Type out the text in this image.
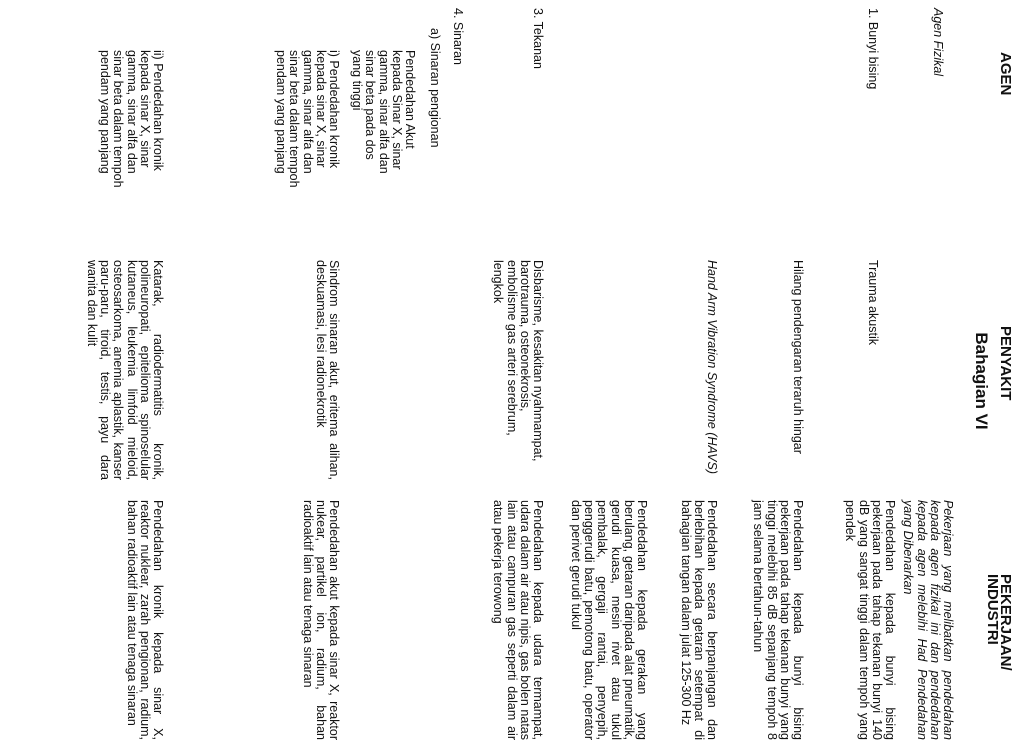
AGEN
PENYAKIT
PEKERJAAN/ INDUSTRI
Bahagian VI
Agen Fizikal
Pekerjaan yang melibatkan pendedahan kepada agen fizikal ini dan pendedahan kepada agen melebihi Had Pendedahan yang Dibenarkan
1. Bunyi bising
Trauma akustik
Pendedahan kepada bunyi bising pekerjaan pada tahap tekanan bunyi 140 dB yang sangat tinggi dalam tempoh yang pendek
Hilang pendengaran teraruh hingar
Pendedahan kepada bunyi bising pekerjaan pada tahap tekanan bunyi yang tinggi melebihi 85 dB sepanjang tempoh 8 jam selama bertahun-tahun
Hand Arm Vibration Syndrome (HAVS)
Pendedahan secara berpanjangan dan berlebihan kepada getaran setempat di bahagian tangan dalam julat 125-300 Hz
Pendedahan kepada gerakan yang berulang, getaran daripada alat pneumatik, gerudi kuasa, mesin rivet atau tukul pembalak, gergaji rantai, penyepih, penggerudi batu, pemotong batu, operator dan perivet gerudi tukul
3. Tekanan
Disbarisme, kesakitan nyahmampat, barotrauma, osteonekrosis, embolisme gas arteri serebrum, lengkok
Pendedahan kepada udara termampat, udara dalam air atau nipis, gas bolen natas lain atau campuran gas seperti dalam air atau pekerja terowong
4. Sinaran
a) Sinaran pengionan
Pendedahan Akut kepada Sinar X, sinar gamma, sinar alfa dan sinar beta pada dos yang tinggi
i) Pendedahan kronik kepada sinar X, sinar gamma, sinar alfa dan sinar beta dalam tempoh pendam yang panjang
Sindrom sinaran akut, eritema alihan, deskuamasi, lesi radionekrotik
Pendedahan akut kepada sinar X, reaktor nukear, partikel ion, radium, bahan radioaktif lain atau tenaga sinaran
ii) Pendedahan kronik kepada sinar X, sinar gamma, sinar alfa dan sinar beta dalam tempoh pendam yang panjang
Katarak, radiodermatitis kronik, polineuropati, epitelioma spinoselular kutaneus, leukemia limfoid mieloid, osteosarkoma, anemia aplastik, kanser paru-paru, tiroid, testis, payu dara wanita dan kulit
Pendedahan kronik kepada sinar X, reaktor nuklear, zarah pengionan, radium, bahan radioaktif lain atau tenaga sinaran
